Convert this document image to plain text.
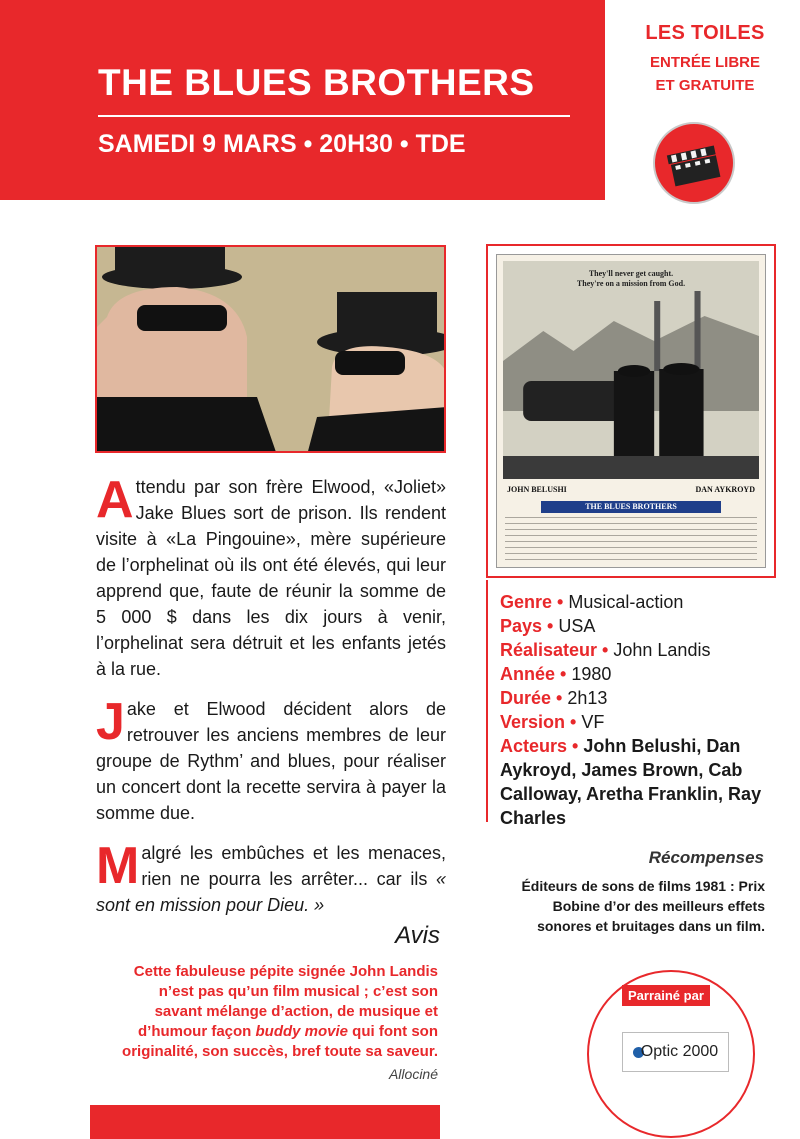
THE BLUES BROTHERS
SAMEDI 9 MARS • 20H30 • TDE
LES TOILES
ENTRÉE LIBRE
ET GRATUITE

Attendu par son frère Elwood, «Joliet» Jake Blues sort de prison. Ils rendent visite à «La Pingouine», mère supérieure de l’orphelinat où ils ont été élevés, qui leur apprend que, faute de réunir la somme de 5 000 $ dans les dix jours à venir, l’orphelinat sera détruit et les enfants jetés à la rue.

Jake et Elwood décident alors de retrouver les anciens membres de leur groupe de Rythm’ and blues, pour réaliser un concert dont la recette servira à payer la somme due.

Malgré les embûches et les menaces, rien ne pourra les arrêter... car ils « sont en mission pour Dieu. »

Avis
Cette fabuleuse pépite signée John Landis n’est pas qu’un film musical ; c’est son savant mélange d’action, de musique et d’humour façon buddy movie qui font son originalité, son succès, bref toute sa saveur.
Allociné
They'll never get caught.
They're on a mission from God.
JOHN BELUSHI	DAN AYKROYD
THE BLUES BROTHERS
Genre • Musical-action
Pays • USA
Réalisateur • John Landis
Année • 1980
Durée • 2h13
Version • VF
Acteurs • John Belushi, Dan Aykroyd, James Brown, Cab Calloway, Aretha Franklin, Ray Charles
Récompenses
Éditeurs de sons de films 1981 : Prix Bobine d’or des meilleurs effets sonores et bruitages dans un film.
Parrainé par
Optic 2000
